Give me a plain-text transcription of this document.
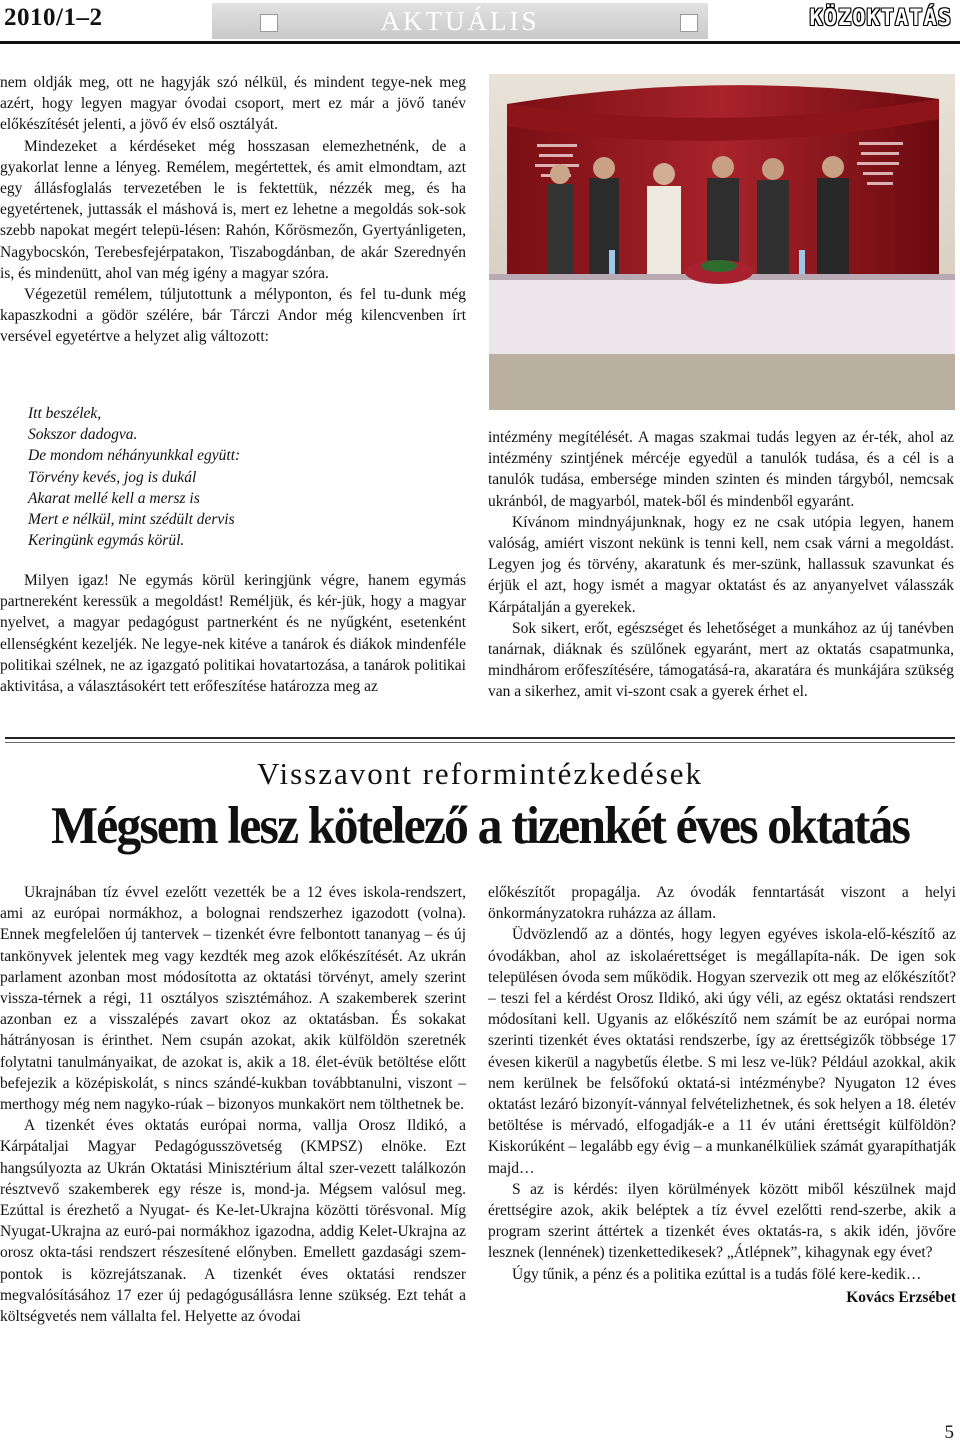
2010/1–2	AKTUÁLIS	KÖZOKTATÁS

nem oldják meg, ott ne hagyják szó nélkül, és mindent tegye-nek meg azért, hogy legyen magyar óvodai csoport, mert ez már a jövő tanév előkészítését jelenti, a jövő év első osztályát.

Mindezeket a kérdéseket még hosszasan elemezhetnénk, de a gyakorlat lenne a lényeg. Remélem, megértettek, és amit elmondtam, azt egy állásfoglalás tervezetében le is fektettük, nézzék meg, és ha egyetértenek, juttassák el máshová is, mert ez lehetne a megoldás sok-sok szebb napokat megért telepü-lésen: Rahón, Kőrösmezőn, Gyertyánligeten, Nagybocskón, Terebesfejérpatakon, Tiszabogdánban, de akár Szerednyén is, és mindenütt, ahol van még igény a magyar szóra.

Végezetül remélem, túljutottunk a mélyponton, és fel tu-dunk még kapaszkodni a gödör szélére, bár Tárczi Andor még kilencvenben írt versével egyetértve a helyzet alig változott:

Itt beszélek,

Sokszor dadogva.

De mondom néhányunkkal együtt:

Törvény kevés, jog is dukál

Akarat mellé kell a mersz is

Mert e nélkül, mint szédült dervis

Keringünk egymás körül.

Milyen igaz! Ne egymás körül keringjünk végre, hanem egymás partnereként keressük a megoldást! Reméljük, és kér-jük, hogy a magyar nyelvet, a magyar pedagógust partnerként és ne nyűgként, esetenként ellenségként kezeljék. Ne legye-nek kitéve a tanárok és diákok mindenféle politikai szélnek, ne az igazgató politikai hovatartozása, a tanárok politikai aktivitása, a választásokért tett erőfeszítése határozza meg az

intézmény megítélését. A magas szakmai tudás legyen az ér-ték, ahol az intézmény szintjének mércéje egyedül a tanulók tudása, és a cél is a tanulók tudása, embersége minden szinten és minden tárgyból, nemcsak ukránból, de magyarból, matek-ből és mindenből egyaránt.

Kívánom mindnyájunknak, hogy ez ne csak utópia legyen, hanem valóság, amiért viszont nekünk is tenni kell, nem csak várni a megoldást. Legyen jog és törvény, akaratunk és mer-szünk, hallassuk szavunkat és érjük el azt, hogy ismét a magyar oktatást és az anyanyelvet válasszák Kárpátalján a gyerekek.

Sok sikert, erőt, egészséget és lehetőséget a munkához az új tanévben tanárnak, diáknak és szülőnek egyaránt, mert az oktatás csapatmunka, mindhárom erőfeszítésére, támogatásá-ra, akaratára és munkájára szükség van a sikerhez, amit vi-szont csak a gyerek érhet el.

Visszavont reformintézkedések
Mégsem lesz kötelező a tizenkét éves oktatás

Ukrajnában tíz évvel ezelőtt vezették be a 12 éves iskola-rendszert, ami az európai normákhoz, a bolognai rendszerhez igazodott (volna). Ennek megfelelően új tantervek – tizenkét évre felbontott tananyag – és új tankönyvek jelentek meg vagy kezdték meg azok előkészítését. Az ukrán parlament azonban most módosította az oktatási törvényt, amely szerint vissza-térnek a régi, 11 osztályos szisztémához. A szakemberek szerint azonban ez a visszalépés zavart okoz az oktatásban. És sokakat hátrányosan is érinthet. Nem csupán azokat, akik külföldön szeretnék folytatni tanulmányaikat, de azokat is, akik a 18. élet-évük betöltése előtt befejezik a középiskolát, s nincs szándé-kukban továbbtanulni, viszont – merthogy még nem nagyko-rúak – bizonyos munkakört nem tölthetnek be.

A tizenkét éves oktatás európai norma, vallja Orosz Ildikó, a Kárpátaljai Magyar Pedagógusszövetség (KMPSZ) elnöke. Ezt hangsúlyozta az Ukrán Oktatási Minisztérium által szer-vezett találkozón résztvevő szakemberek egy része is, mond-ja. Mégsem valósul meg. Ezúttal is érezhető a Nyugat- és Ke-let-Ukrajna közötti törésvonal. Míg Nyugat-Ukrajna az euró-pai normákhoz igazodna, addig Kelet-Ukrajna az orosz okta-tási rendszert részesítené előnyben. Emellett gazdasági szem-pontok is közrejátszanak. A tizenkét éves oktatási rendszer megvalósításához 17 ezer új pedagógusállásra lenne szükség. Ezt tehát a költségvetés nem vállalta fel. Helyette az óvodai

előkészítőt propagálja. Az óvodák fenntartását viszont a helyi önkormányzatokra ruházza az állam.

Üdvözlendő az a döntés, hogy legyen egyéves iskola-elő-készítő az óvodákban, ahol az iskolaérettséget is megállapíta-nák. De igen sok településen óvoda sem működik. Hogyan szervezik ott meg az előkészítőt? – teszi fel a kérdést Orosz Ildikó, aki úgy véli, az egész oktatási rendszert módosítani kell. Ugyanis az előkészítő nem számít be az európai norma szerinti tizenkét éves oktatási rendszerbe, így az érettségizők többsége 17 évesen kikerül a nagybetűs életbe. S mi lesz ve-lük? Például azokkal, akik nem kerülnek be felsőfokú oktatá-si intézménybe? Nyugaton 12 éves oktatást lezáró bizonyít-vánnyal felvételizhetnek, és sok helyen a 18. életév betöltése is mérvadó, elfogadják-e a 11 év utáni érettségit külföldön? Kiskorúként – legalább egy évig – a munkanélküliek számát gyarapíthatják majd…

S az is kérdés: ilyen körülmények között miből készülnek majd érettségire azok, akik beléptek a tíz évvel ezelőtti rend-szerbe, akik a program szerint áttértek a tizenkét éves oktatás-ra, s akik idén, jövőre lesznek (lennének) tizenkettedikesek? „Átlépnek”, kihagynak egy évet?

Úgy tűnik, a pénz és a politika ezúttal is a tudás fölé kere-kedik…

Kovács Erzsébet

5
